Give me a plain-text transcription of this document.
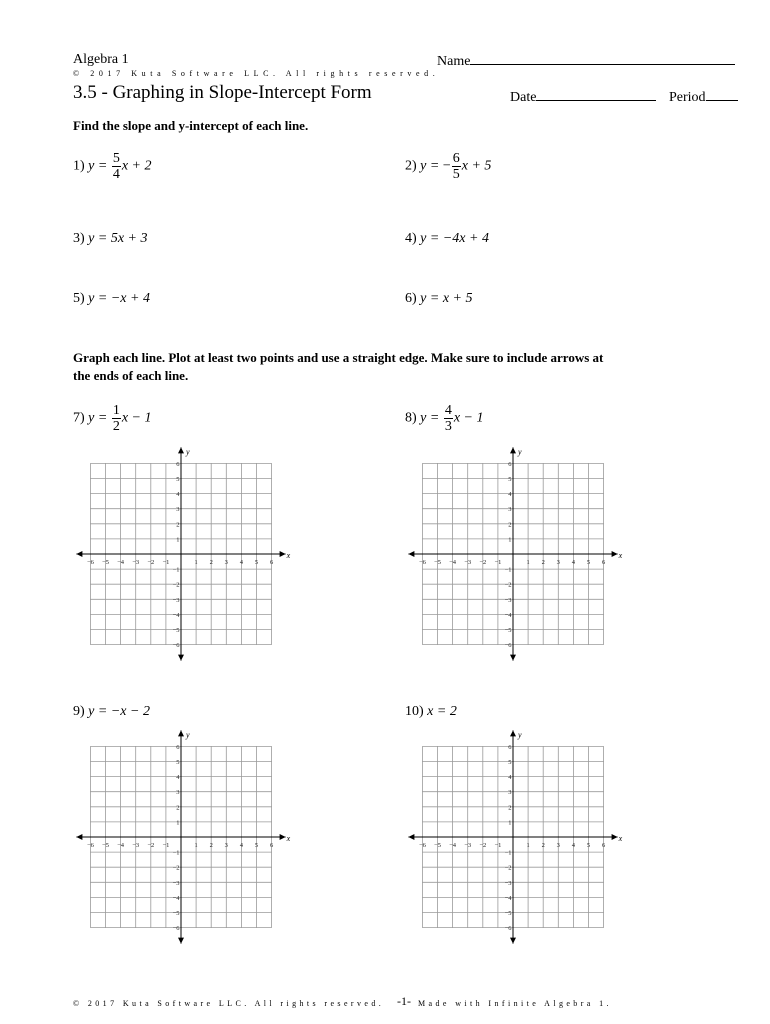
Algebra 1	Name
© 2017 Kuta Software LLC. All rights reserved.
3.5 - Graphing in Slope-Intercept Form	Date	Period
Find the slope and y-intercept of each line.
1) $y = \frac{5}{4}$ x + 2	2) y = − $\frac{6}{5}$ x + 5
3) y = 5x + 3	4) y = −4x + 4
5) y = −x + 4	6) y = x + 5
Graph each line. Plot at least two points and use a straight edge. Make sure to include arrows at
the ends of each line.
7) $y = \frac{1}{2}$ x − 1	8) $y = \frac{4}{3}$ x − 1
9) y = −x − 2	10) x = 2
x
y
−6 −5 −4 −3 −2 −1	1 2 3 4 5 6
6
5
4
3
2
1
−1
−2
−3
−4
−5
−6
x
y
−6 −5 −4 −3 −2 −1	1 2 3 4 5 6
6
5
4
3
2
1
−1
−2
−3
−4
−5
−6
x
y
−6 −5 −4 −3 −2 −1	1 2 3 4 5 6
6
5
4
3
2
1
−1
−2
−3
−4
−5
−6
x
y
−6 −5 −4 −3 −2 −1	1 2 3 4 5 6
6
5
4
3
2
1
−1
−2
−3
−4
−5
−6
© 2017 Kuta Software LLC. All rights reserved. -1- Made with Infinite Algebra 1.
